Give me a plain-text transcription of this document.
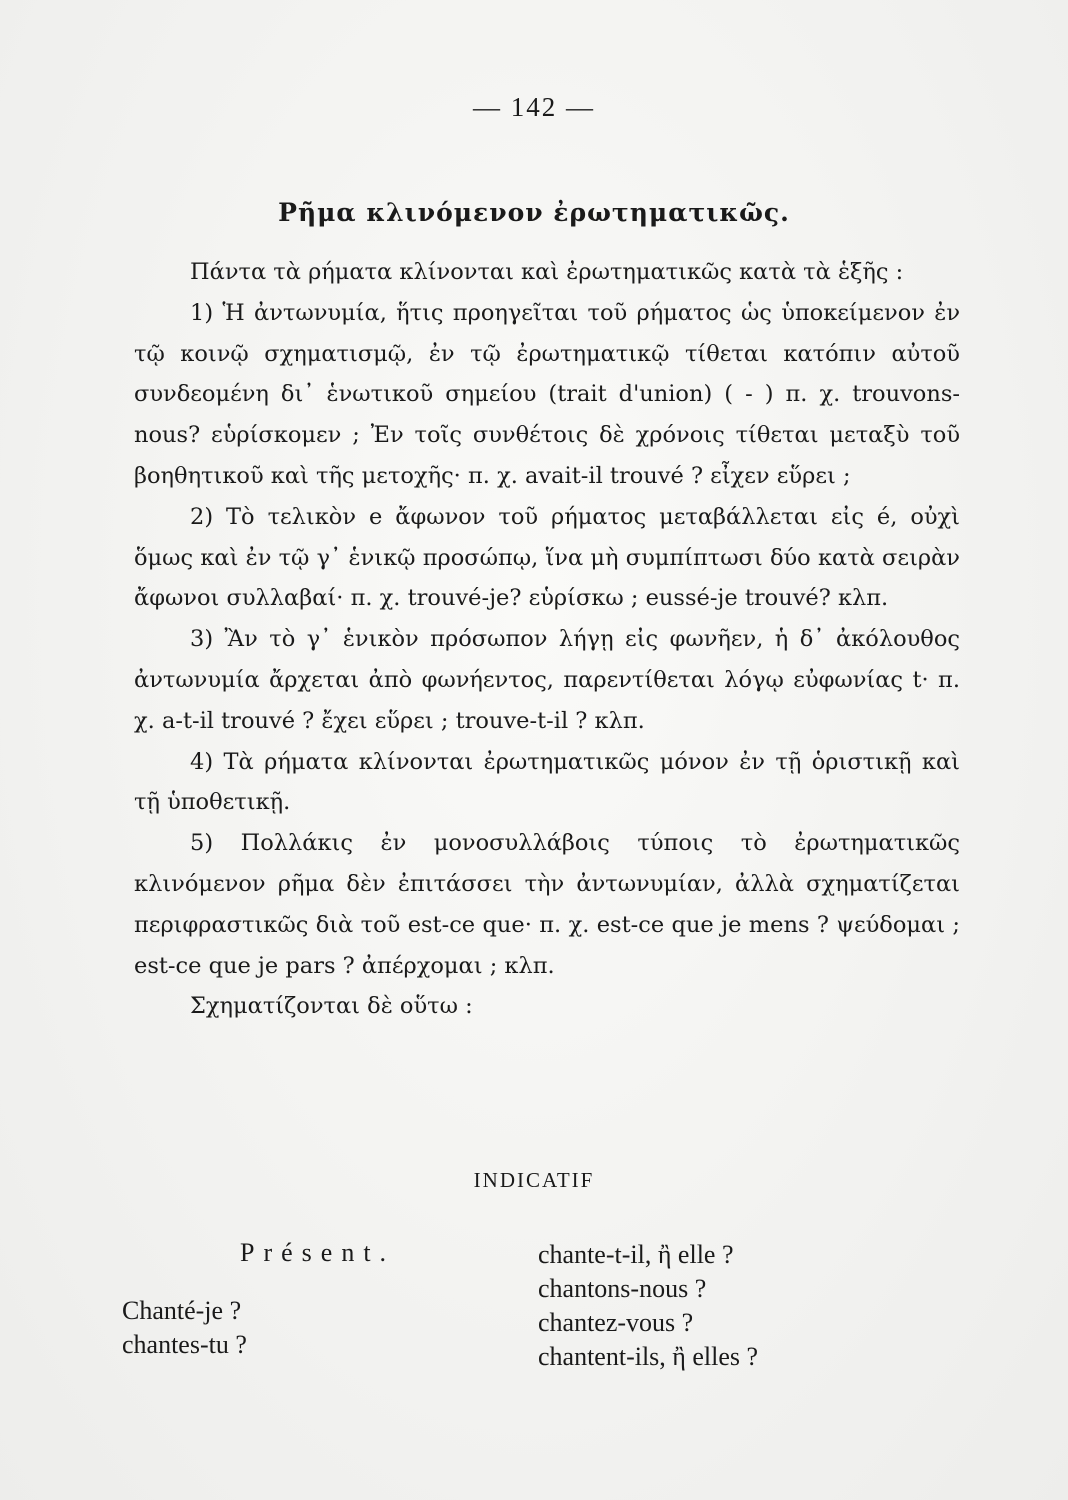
— 142 —
Ρῆμα κλινόμενον ἐρωτηματικῶς.

Πάντα τὰ ρήματα κλίνονται καὶ ἐρωτηματικῶς κατὰ τὰ ἑξῆς :

1) Ἡ ἀντωνυμία, ἥτις προηγεῖται τοῦ ρήματος ὡς ὑποκείμενον ἐν τῷ κοινῷ σχηματισμῷ, ἐν τῷ ἐρωτηματικῷ τίθεται κατόπιν αὐτοῦ συνδεομένη δι᾽ ἑνωτικοῦ σημείου (trait d'union) ( - ) π. χ. trouvons-nous? εὑρίσκομεν ; Ἐν τοῖς συνθέτοις δὲ χρόνοις τίθεται μεταξὺ τοῦ βοηθητικοῦ καὶ τῆς μετοχῆς· π. χ. avait-il trouvé ? εἶχεν εὕρει ;

2) Τὸ τελικὸν e ἄφωνον τοῦ ρήματος μεταβάλλεται εἰς é, οὐχὶ ὅμως καὶ ἐν τῷ γ᾽ ἑνικῷ προσώπῳ, ἵνα μὴ συμπίπτωσι δύο κατὰ σειρὰν ἄφωνοι συλλαβαί· π. χ. trouvé-je? εὑρίσκω ; eussé-je trouvé? κλπ.

3) Ἂν τὸ γ᾽ ἑνικὸν πρόσωπον λήγῃ εἰς φωνῆεν, ἡ δ᾽ ἀκόλουθος ἀντωνυμία ἄρχεται ἀπὸ φωνήεντος, παρεντίθεται λόγῳ εὐφωνίας t· π. χ. a-t-il trouvé ? ἔχει εὕρει ; trouve-t-il ? κλπ.

4) Τὰ ρήματα κλίνονται ἐρωτηματικῶς μόνον ἐν τῇ ὁριστικῇ καὶ τῇ ὑποθετικῇ.

5) Πολλάκις ἐν μονοσυλλάβοις τύποις τὸ ἐρωτηματικῶς κλινόμενον ρῆμα δὲν ἐπιτάσσει τὴν ἀντωνυμίαν, ἀλλὰ σχηματίζεται περιφραστικῶς διὰ τοῦ est-ce que· π. χ. est-ce que je mens ? ψεύδομαι ; est-ce que je pars ? ἀπέρχομαι ; κλπ.

Σχηματίζονται δὲ οὕτω :

INDICATIF
Présent.
Chanté-je ?
chantes-tu ?
chante-t-il, ἢ elle ?
chantons-nous ?
chantez-vous ?
chantent-ils, ἢ elles ?
